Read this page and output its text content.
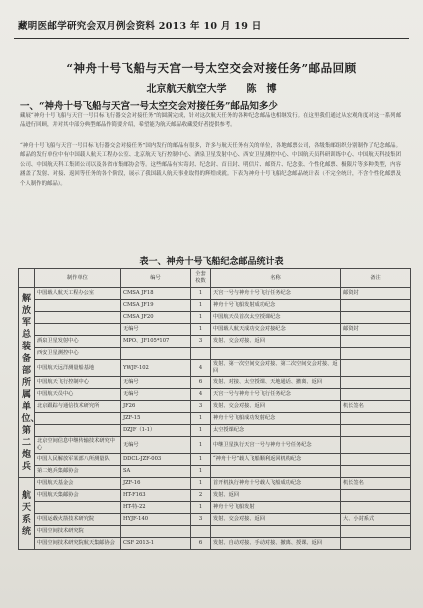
藏明医邮学研究会双月例会资料 2013 年 10 月 19 日
“神舟十号飞船与天宫一号太空交会对接任务”邮品回顾
北京航天航空大学　　陈　博
一、“神舟十号飞船与天宫一号太空交会对接任务”邮品知多少
藏展“神舟十号飞船与天宫一号目标飞行器交会对接任务”的圆满完成，针对这次航天任务的各种纪念邮品也相继发行。在这里我们通过从宏观角度对这一系列邮品进行回顾，并对其中部分典型邮品作简要介绍，希望能为航天邮品收藏爱好者提供参考。
“神舟十号飞船与天宫一号目标飞行器交会对接任务”国内发行的邮品有很多，许多与航天任务有关的单位，各地邮票公司，各级集邮组织分别制作了纪念邮品。邮品的发行单位中有中国载人航天工程办公室、北京航天飞行控制中心、酒泉卫星发射中心、西安卫星测控中心、中国航天员科研训练中心、中国航天科技集团公司、中国航天科工集团公司以及各省市集邮协会等。这些邮品有实寄封、纪念封、首日封、明信片、邮资片、纪念张、个性化邮票、极限片等多种类型，内容涵盖了发射、对接、返回等任务的各个阶段，展示了我国载人航天事业取得的辉煌成就。下表为神舟十号飞船纪念邮品统计表（不完全统计，不含个性化邮票及个人制作的邮品）。
表一、神舟十号飞船纪念邮品统计表
	制作单位	编号	全套枚数	名称	备注
解放军总装备部所属单位、第二炮兵	中国载人航天工程办公室	CMSA JF18	1	天宫一号与神舟十号飞行任务纪念	邮资封
		CMSA JF19	1	神舟十号飞船发射成功纪念	
		CMSA JF20	1	中国航天员首次太空授课纪念	
		无编号	1	中国载人航天成功交会对接纪念	邮资封
	酒泉卫星发射中心	MPO、JF105*107	3	发射、交会对接、返回	
	西安卫星测控中心				
	中国航天远洋测量船基地	YWJF-102	4	发射、第一次空间交会对接、第二次空间交会对接、返回	
	中国航天飞行控制中心	无编号	6	发射、对接、太空授课、天地通话、撤离、返回	
	中国航天员中心	无编号	4	天宫一号与神舟十号飞行任务纪念	
	北京跟踪与通信技术研究所	JF26	3	发射、交会对接、返回	机长签名
		JZF-15	1	神舟十号飞船成功发射纪念	
		DZJF（1-1）	1	太空授课纪念	
	北京空间信息中继传输技术研究中心	无编号	1	中继卫星执行天宫一号与神舟十号任务纪念	
	中国人民解放军某部八所测量队	DDCL-JZF-003	1	“神舟十号”载人飞船顺利返回机构纪念	
	第二炮兵集邮协会	SA	1		
航天系统	中国航天基金会	JZF-16	1	首开机执行神舟十号载人飞船成功纪念	机长签名
	中国航天集邮协会	HT-F163	2	发射、返回	
		HT-特-22	1	神舟十号飞船发射	
	中国运载火箭技术研究院	HYJF-140	3	发射、交会对接、返回	大、小封系式
	中国空间技术研究院				
	中国空间技术研究院航天集邮协会	CSF 2013-1	6	发射、自动对接、手动对接、撤离、授课、返回	
